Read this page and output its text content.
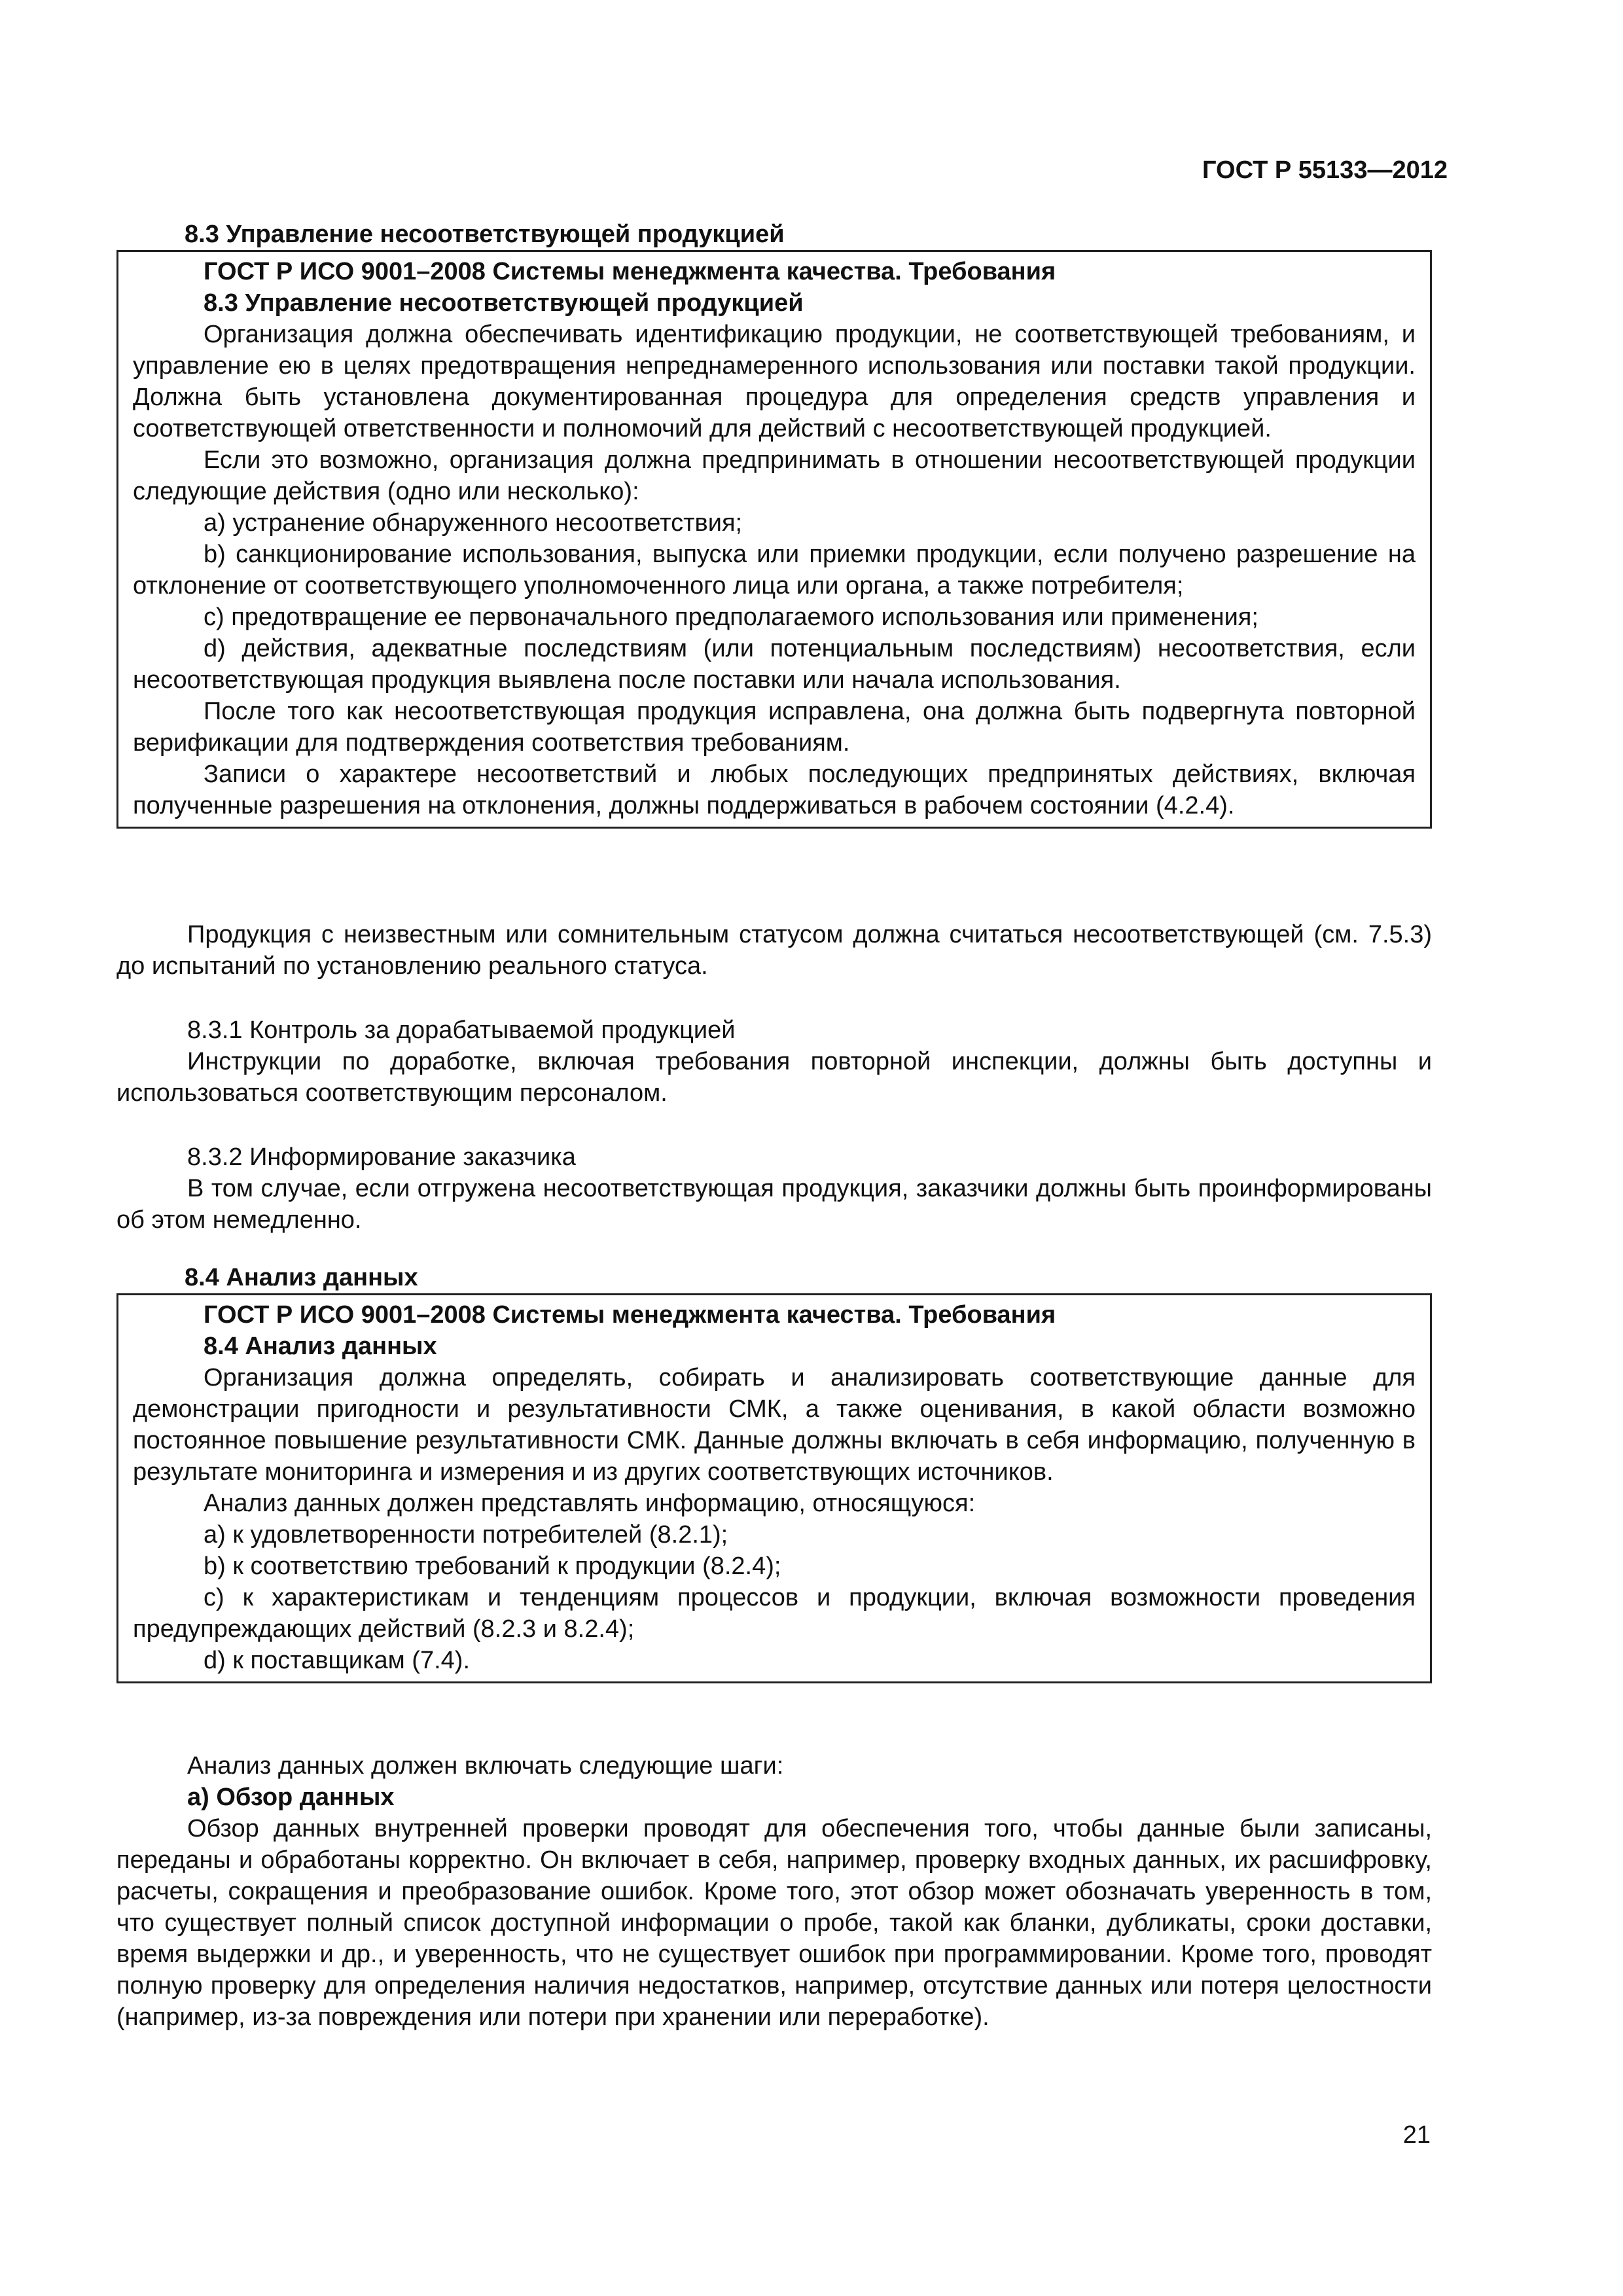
ГОСТ Р 55133—2012
8.3 Управление несоответствующей продукцией
ГОСТ Р ИСО 9001–2008 Системы менеджмента качества. Требования
8.3 Управление несоответствующей продукцией

Организация должна обеспечивать идентификацию продукции, не соответствующей требованиям, и управление ею в целях предотвращения непреднамеренного использования или поставки такой продукции. Должна быть установлена документированная процедура для определения средств управления и соответствующей ответственности и полномочий для действий с несоответствующей продукцией.

Если это возможно, организация должна предпринимать в отношении несоответствующей продукции следующие действия (одно или несколько):

a) устранение обнаруженного несоответствия;

b) санкционирование использования, выпуска или приемки продукции, если получено разрешение на отклонение от соответствующего уполномоченного лица или органа, а также потребителя;

c) предотвращение ее первоначального предполагаемого использования или применения;

d) действия, адекватные последствиям (или потенциальным последствиям) несоответствия, если несоответствующая продукция выявлена после поставки или начала использования.

После того как несоответствующая продукция исправлена, она должна быть подвергнута повторной верификации для подтверждения соответствия требованиям.

Записи о характере несоответствий и любых последующих предпринятых действиях, включая полученные разрешения на отклонения, должны поддерживаться в рабочем состоянии (4.2.4).

Продукция с неизвестным или сомнительным статусом должна считаться несоответствующей (см. 7.5.3) до испытаний по установлению реального статуса.

8.3.1 Контроль за дорабатываемой продукцией

Инструкции по доработке, включая требования повторной инспекции, должны быть доступны и использоваться соответствующим персоналом.

8.3.2 Информирование заказчика

В том случае, если отгружена несоответствующая продукция, заказчики должны быть проинформированы об этом немедленно.

8.4 Анализ данных
ГОСТ Р ИСО 9001–2008 Системы менеджмента качества. Требования
8.4 Анализ данных

Организация должна определять, собирать и анализировать соответствующие данные для демонстрации пригодности и результативности СМК, а также оценивания, в какой области возможно постоянное повышение результативности СМК. Данные должны включать в себя информацию, полученную в результате мониторинга и измерения и из других соответствующих источников.

Анализ данных должен представлять информацию, относящуюся:

a) к удовлетворенности потребителей (8.2.1);

b) к соответствию требований к продукции (8.2.4);

c) к характеристикам и тенденциям процессов и продукции, включая возможности проведения предупреждающих действий (8.2.3 и 8.2.4);

d) к поставщикам (7.4).

Анализ данных должен включать следующие шаги:

a) Обзор данных

Обзор данных внутренней проверки проводят для обеспечения того, чтобы данные были записаны, переданы и обработаны корректно. Он включает в себя, например, проверку входных данных, их расшифровку, расчеты, сокращения и преобразование ошибок. Кроме того, этот обзор может обозначать уверенность в том, что существует полный список доступной информации о пробе, такой как бланки, дубликаты, сроки доставки, время выдержки и др., и уверенность, что не существует ошибок при программировании. Кроме того, проводят полную проверку для определения наличия недостатков, например, отсутствие данных или потеря целостности (например, из-за повреждения или потери при хранении или переработке).

21
